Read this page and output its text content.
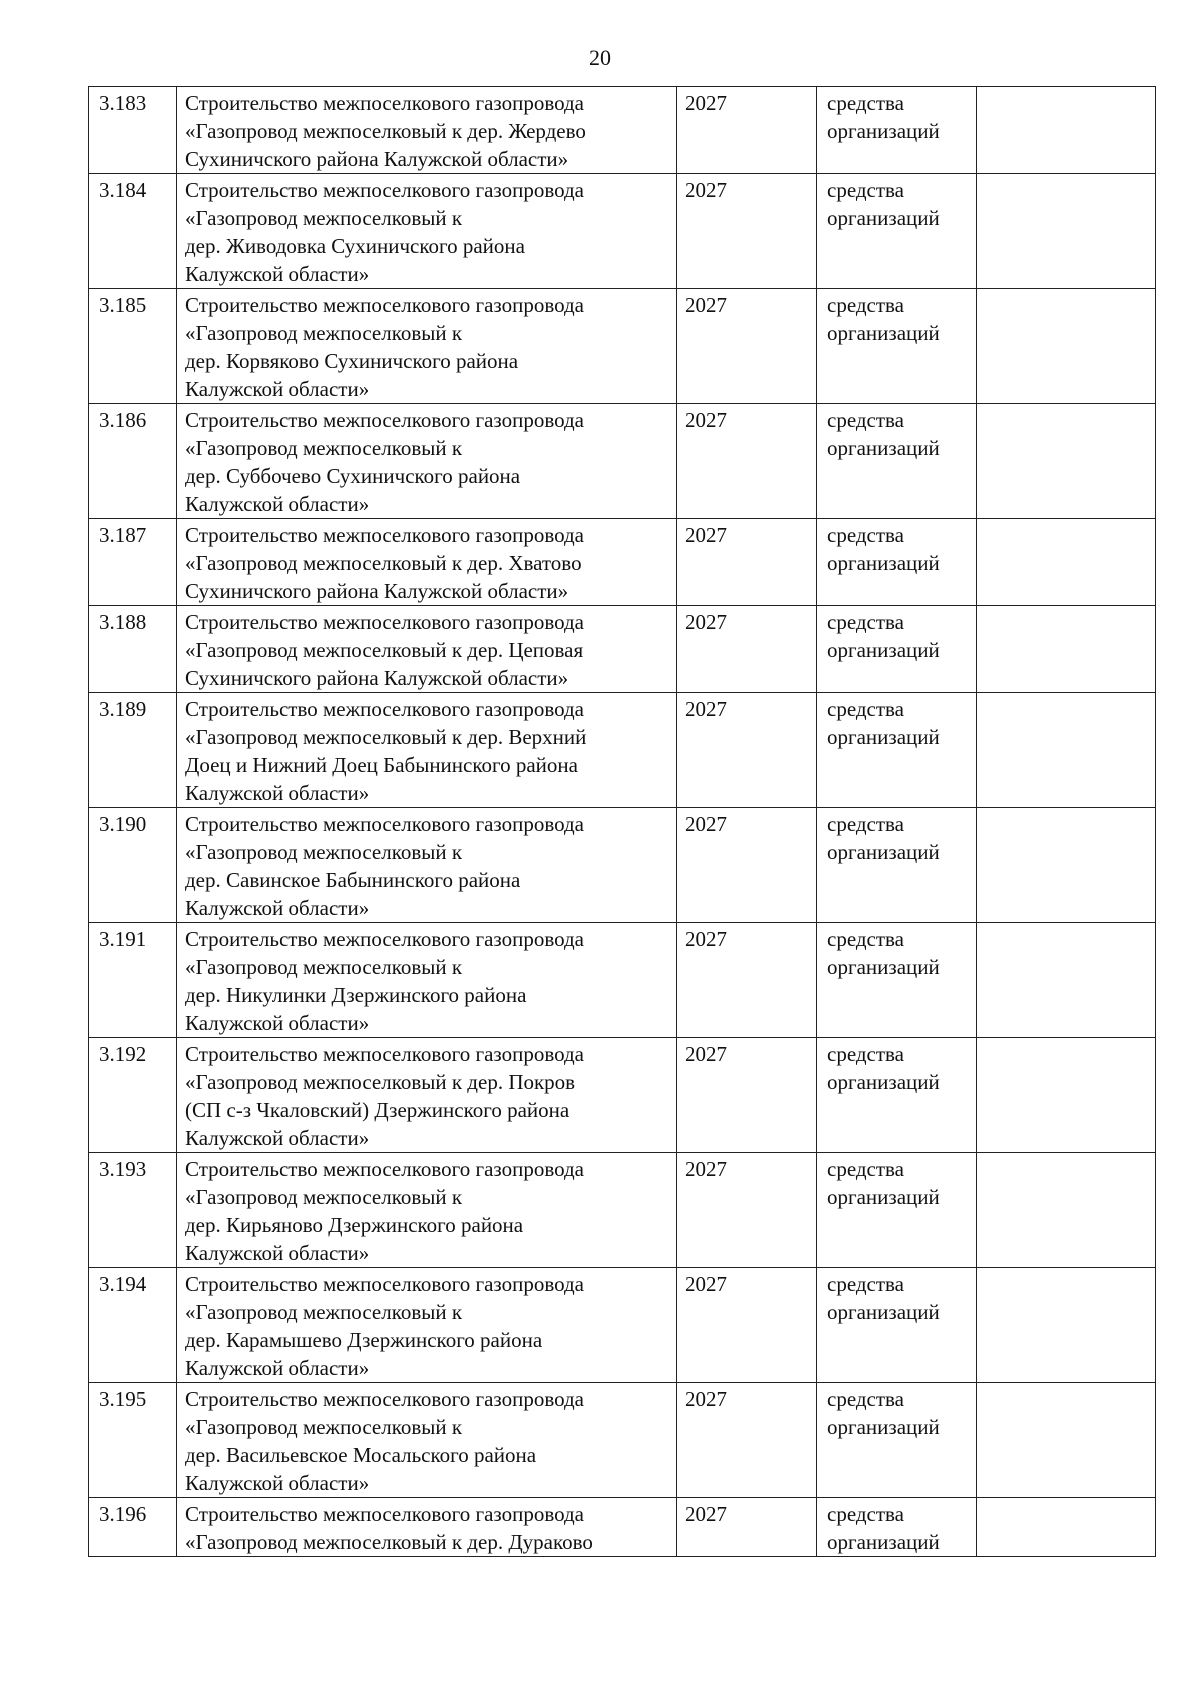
20
3.183	Строительство межпоселкового газопровода
«Газопровод межпоселковый к дер. Жердево
Сухиничского района Калужской области»
2027	средства
организаций
3.184	Строительство межпоселкового газопровода
«Газопровод межпоселковый к
дер. Живодовка Сухиничского района
Калужской области»
2027	средства
организаций
3.185	Строительство межпоселкового газопровода
«Газопровод межпоселковый к
дер. Корвяково Сухиничского района
Калужской области»
2027	средства
организаций
3.186	Строительство межпоселкового газопровода
«Газопровод межпоселковый к
дер. Суббочево Сухиничского района
Калужской области»
2027	средства
организаций
3.187	Строительство межпоселкового газопровода
«Газопровод межпоселковый к дер. Хватово
Сухиничского района Калужской области»
2027	средства
организаций
3.188	Строительство межпоселкового газопровода
«Газопровод межпоселковый к дер. Цеповая
Сухиничского района Калужской области»
2027	средства
организаций
3.189	Строительство межпоселкового газопровода
«Газопровод межпоселковый к дер. Верхний
Доец и Нижний Доец Бабынинского района
Калужской области»

2027	средства
организаций
3.190	Строительство межпоселкового газопровода
«Газопровод межпоселковый к
дер. Савинское Бабынинского района
Калужской области»
2027	средства
организаций
3.191	Строительство межпоселкового газопровода
«Газопровод межпоселковый к
дер. Никулинки Дзержинского района
Калужской области»
2027	средства
организаций
3.192	Строительство межпоселкового газопровода
«Газопровод межпоселковый к дер. Покров
(СП с-з Чкаловский) Дзержинского района
Калужской области»
2027	средства
организаций
3.193	Строительство межпоселкового газопровода
«Газопровод межпоселковый к
дер. Кирьяново Дзержинского района
Калужской области»
2027	средства
организаций
3.194	Строительство межпоселкового газопровода
«Газопровод межпоселковый к
дер. Карамышево Дзержинского района
Калужской области»
2027	средства
организаций
3.195	Строительство межпоселкового газопровода
«Газопровод межпоселковый к
дер. Васильевское Мосальского района
Калужской области»
2027	средства
организаций
3.196	Строительство межпоселкового газопровода
«Газопровод межпоселковый к дер. Дураково

2027	средства
организаций
